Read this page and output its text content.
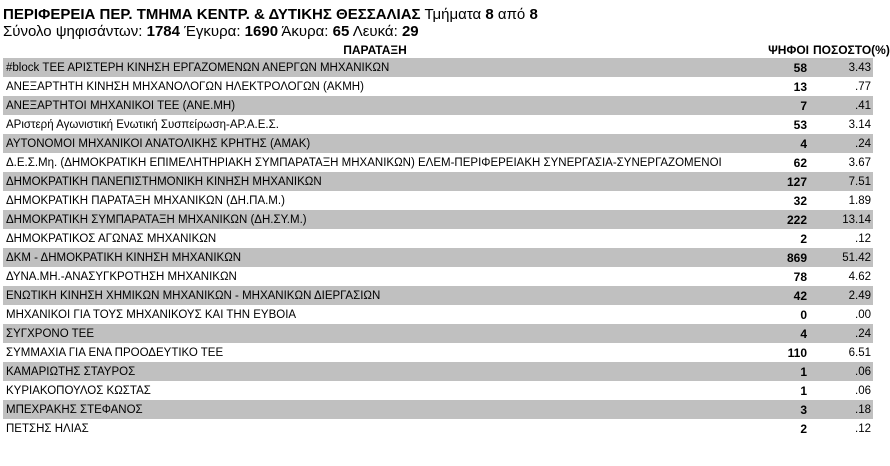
ΠΕΡΙΦΕΡΕΙΑ ΠΕΡ. ΤΜΗΜΑ ΚΕΝΤΡ. & ΔΥΤΙΚΗΣ ΘΕΣΣΑΛΙΑΣ Τμήματα 8 από 8
Σύνολο ψηφισάντων: 1784 Έγκυρα: 1690 Άκυρα: 65 Λευκά: 29
ΠΑΡΑΤΑΞΗ	ΨΗΦΟΙ	ΠΟΣΟΣΤΟ(%)
#block ΤΕΕ ΑΡΙΣΤΕΡΗ ΚΙΝΗΣΗ ΕΡΓΑΖΟΜΕΝΩΝ ΑΝΕΡΓΩΝ ΜΗΧΑΝΙΚΩΝ	58	3.43
ΑΝΕΞΑΡΤΗΤΗ ΚΙΝΗΣΗ ΜΗΧΑΝΟΛΟΓΩΝ ΗΛΕΚΤΡΟΛΟΓΩΝ (ΑΚΜΗ)	13	.77
ΑΝΕΞΑΡΤΗΤΟΙ ΜΗΧΑΝΙΚΟΙ ΤΕΕ (ΑΝΕ.ΜΗ)	7	.41
ΑΡιστερή Αγωνιστική Ενωτική Συσπείρωση-ΑΡ.Α.Ε.Σ.	53	3.14
ΑΥΤΟΝΟΜΟΙ ΜΗΧΑΝΙΚΟΙ ΑΝΑΤΟΛΙΚΗΣ ΚΡΗΤΗΣ (ΑΜΑΚ)	4	.24
Δ.Ε.Σ.Μη. (ΔΗΜΟΚΡΑΤΙΚΗ ΕΠΙΜΕΛΗΤΗΡΙΑΚΗ ΣΥΜΠΑΡΑΤΑΞΗ ΜΗΧΑΝΙΚΩΝ) ΕΛΕΜ-ΠΕΡΙΦΕΡΕΙΑΚΗ ΣΥΝΕΡΓΑΣΙΑ-ΣΥΝΕΡΓΑΖΟΜΕΝΟΙ	62	3.67
ΔΗΜΟΚΡΑΤΙΚΗ ΠΑΝΕΠΙΣΤΗΜΟΝΙΚΗ ΚΙΝΗΣΗ ΜΗΧΑΝΙΚΩΝ	127	7.51
ΔΗΜΟΚΡΑΤΙΚΗ ΠΑΡΑΤΑΞΗ ΜΗΧΑΝΙΚΩΝ (ΔΗ.ΠΑ.Μ.)	32	1.89
ΔΗΜΟΚΡΑΤΙΚΗ ΣΥΜΠΑΡΑΤΑΞΗ ΜΗΧΑΝΙΚΩΝ (ΔΗ.ΣΥ.Μ.)	222	13.14
ΔΗΜΟΚΡΑΤΙΚΟΣ ΑΓΩΝΑΣ ΜΗΧΑΝΙΚΩΝ	2	.12
ΔΚΜ - ΔΗΜΟΚΡΑΤΙΚΗ ΚΙΝΗΣΗ ΜΗΧΑΝΙΚΩΝ	869	51.42
ΔΥΝΑ.ΜΗ.-ΑΝΑΣΥΓΚΡΟΤΗΣΗ ΜΗΧΑΝΙΚΩΝ	78	4.62
ΕΝΩΤΙΚΗ ΚΙΝΗΣΗ ΧΗΜΙΚΩΝ ΜΗΧΑΝΙΚΩΝ - ΜΗΧΑΝΙΚΩΝ ΔΙΕΡΓΑΣΙΩΝ	42	2.49
ΜΗΧΑΝΙΚΟΙ ΓΙΑ ΤΟΥΣ ΜΗΧΑΝΙΚΟΥΣ ΚΑΙ ΤΗΝ ΕΥΒΟΙΑ	0	.00
ΣΥΓΧΡΟΝΟ ΤΕΕ	4	.24
ΣΥΜΜΑΧΙΑ ΓΙΑ ΕΝΑ ΠΡΟΟΔΕΥΤΙΚΟ ΤΕΕ	110	6.51
ΚΑΜΑΡΙΩΤΗΣ ΣΤΑΥΡΟΣ	1	.06
ΚΥΡΙΑΚΟΠΟΥΛΟΣ ΚΩΣΤΑΣ	1	.06
ΜΠΕΧΡΑΚΗΣ ΣΤΕΦΑΝΟΣ	3	.18
ΠΕΤΣΗΣ ΗΛΙΑΣ	2	.12
